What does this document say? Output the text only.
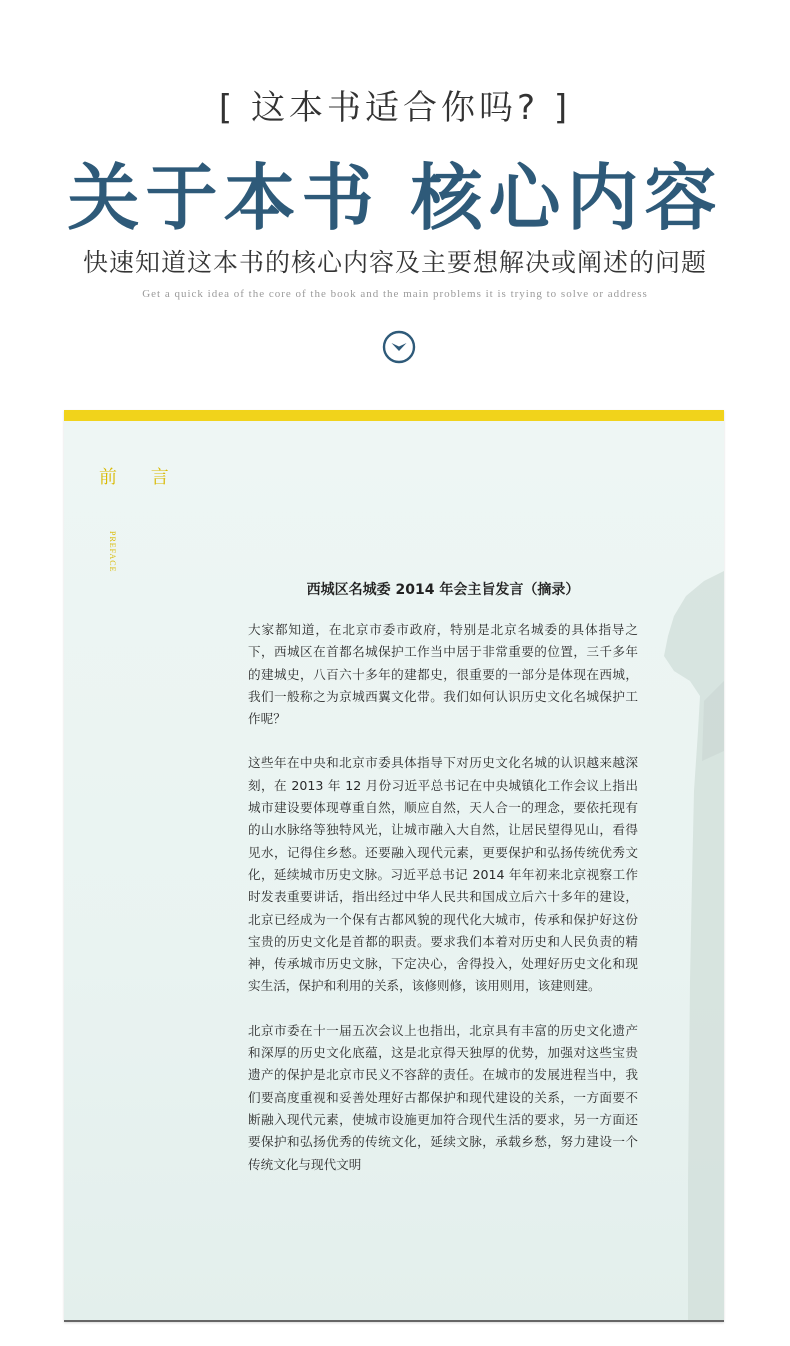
[ 这本书适合你吗? ]
关于本书 核心内容
快速知道这本书的核心内容及主要想解决或阐述的问题
Get a quick idea of the core of the book and the main problems it is trying to solve or address
前 言
PREFACE
西城区名城委 2014 年会主旨发言（摘录）

大家都知道，在北京市委市政府，特别是北京名城委的具体指导之下，西城区在首都名城保护工作当中居于非常重要的位置，三千多年的建城史，八百六十多年的建都史，很重要的一部分是体现在西城，我们一般称之为京城西翼文化带。我们如何认识历史文化名城保护工作呢？

这些年在中央和北京市委具体指导下对历史文化名城的认识越来越深刻，在 2013 年 12 月份习近平总书记在中央城镇化工作会议上指出城市建设要体现尊重自然，顺应自然，天人合一的理念，要依托现有的山水脉络等独特风光，让城市融入大自然，让居民望得见山，看得见水，记得住乡愁。还要融入现代元素，更要保护和弘扬传统优秀文化，延续城市历史文脉。习近平总书记 2014 年年初来北京视察工作时发表重要讲话，指出经过中华人民共和国成立后六十多年的建设，北京已经成为一个保有古都风貌的现代化大城市，传承和保护好这份宝贵的历史文化是首都的职责。要求我们本着对历史和人民负责的精神，传承城市历史文脉，下定决心，舍得投入，处理好历史文化和现实生活，保护和利用的关系，该修则修，该用则用，该建则建。

北京市委在十一届五次会议上也指出，北京具有丰富的历史文化遗产和深厚的历史文化底蕴，这是北京得天独厚的优势，加强对这些宝贵遗产的保护是北京市民义不容辞的责任。在城市的发展进程当中，我们要高度重视和妥善处理好古都保护和现代建设的关系，一方面要不断融入现代元素，使城市设施更加符合现代生活的要求，另一方面还要保护和弘扬优秀的传统文化，延续文脉，承载乡愁，努力建设一个传统文化与现代文明
